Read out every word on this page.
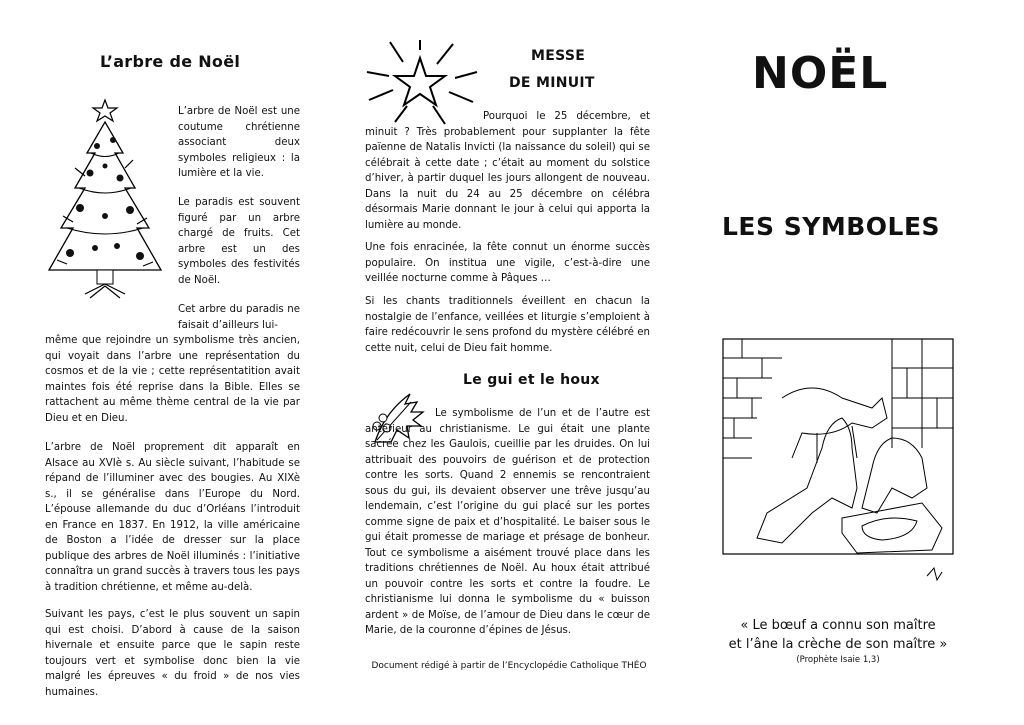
L’arbre de Noël

L’arbre de Noël est une coutume chrétienne associant deux symboles religieux : la lumière et la vie.

Le paradis est souvent figuré par un arbre chargé de fruits. Cet arbre est un des symboles des festivités de Noël.

Cet arbre du paradis ne faisait d’ailleurs lui-

même que rejoindre un symbolisme très ancien, qui voyait dans l’arbre une représentation du cosmos et de la vie ; cette représentatition avait maintes fois été reprise dans la Bible. Elles se rattachent au même thème central de la vie par Dieu et en Dieu.

L’arbre de Noël proprement dit apparaît en Alsace au XVIè s. Au siècle suivant, l’habitude se répand de l’illuminer avec des bougies. Au XIXè s., il se généralise dans l’Europe du Nord. L’épouse allemande du duc d’Orléans l’introduit en France en 1837. En 1912, la ville américaine de Boston a l’idée de dresser sur la place publique des arbres de Noël illuminés : l’initiative connaîtra un grand succès à travers tous les pays à tradition chrétienne, et même au-delà.

Suivant les pays, c’est le plus souvent un sapin qui est choisi. D’abord à cause de la saison hivernale et ensuite parce que le sapin reste toujours vert et symbolise donc bien la vie malgré les épreuves « du froid » de nos vies humaines.

MESSE
DE MINUIT

Pourquoi le 25 décembre, et minuit ? Très probablement pour supplanter la fête païenne de Natalis Invicti (la naissance du soleil) qui se célébrait à cette date ; c’était au moment du solstice d’hiver, à partir duquel les jours allongent de nouveau. Dans la nuit du 24 au 25 décembre on célébra désormais Marie donnant le jour à celui qui apporta la lumière au monde.

Une fois enracinée, la fête connut un énorme succès populaire. On institua une vigile, c’est-à-dire une veillée nocturne comme à Pâques …

Si les chants traditionnels éveillent en chacun la nostalgie de l’enfance, veillées et liturgie s’emploient à faire redécouvrir le sens profond du mystère célébré en cette nuit, celui de Dieu fait homme.

Le gui et le houx

Le symbolisme de l’un et de l’autre est antérieur au christianisme. Le gui était une plante sacrée chez les Gaulois, cueillie par les druides. On lui attribuait des pouvoirs de guérison et de protection contre les sorts. Quand 2 ennemis se rencontraient sous du gui, ils devaient observer une trêve jusqu’au lendemain, c’est l’origine du gui placé sur les portes comme signe de paix et d’hospitalité. Le baiser sous le gui était promesse de mariage et présage de bonheur. Tout ce symbolisme a aisément trouvé place dans les traditions chrétiennes de Noël. Au houx était attribué un pouvoir contre les sorts et contre la foudre. Le christianisme lui donna le symbolisme du « buisson ardent » de Moïse, de l’amour de Dieu dans le cœur de Marie, de la couronne d’épines de Jésus.

Document rédigé à partir de l’Encyclopédie Catholique THÉO
NOËL
LES SYMBOLES
« Le bœuf a connu son maître
et l’âne la crèche de son maître »
(Prophète Isaie 1,3)
